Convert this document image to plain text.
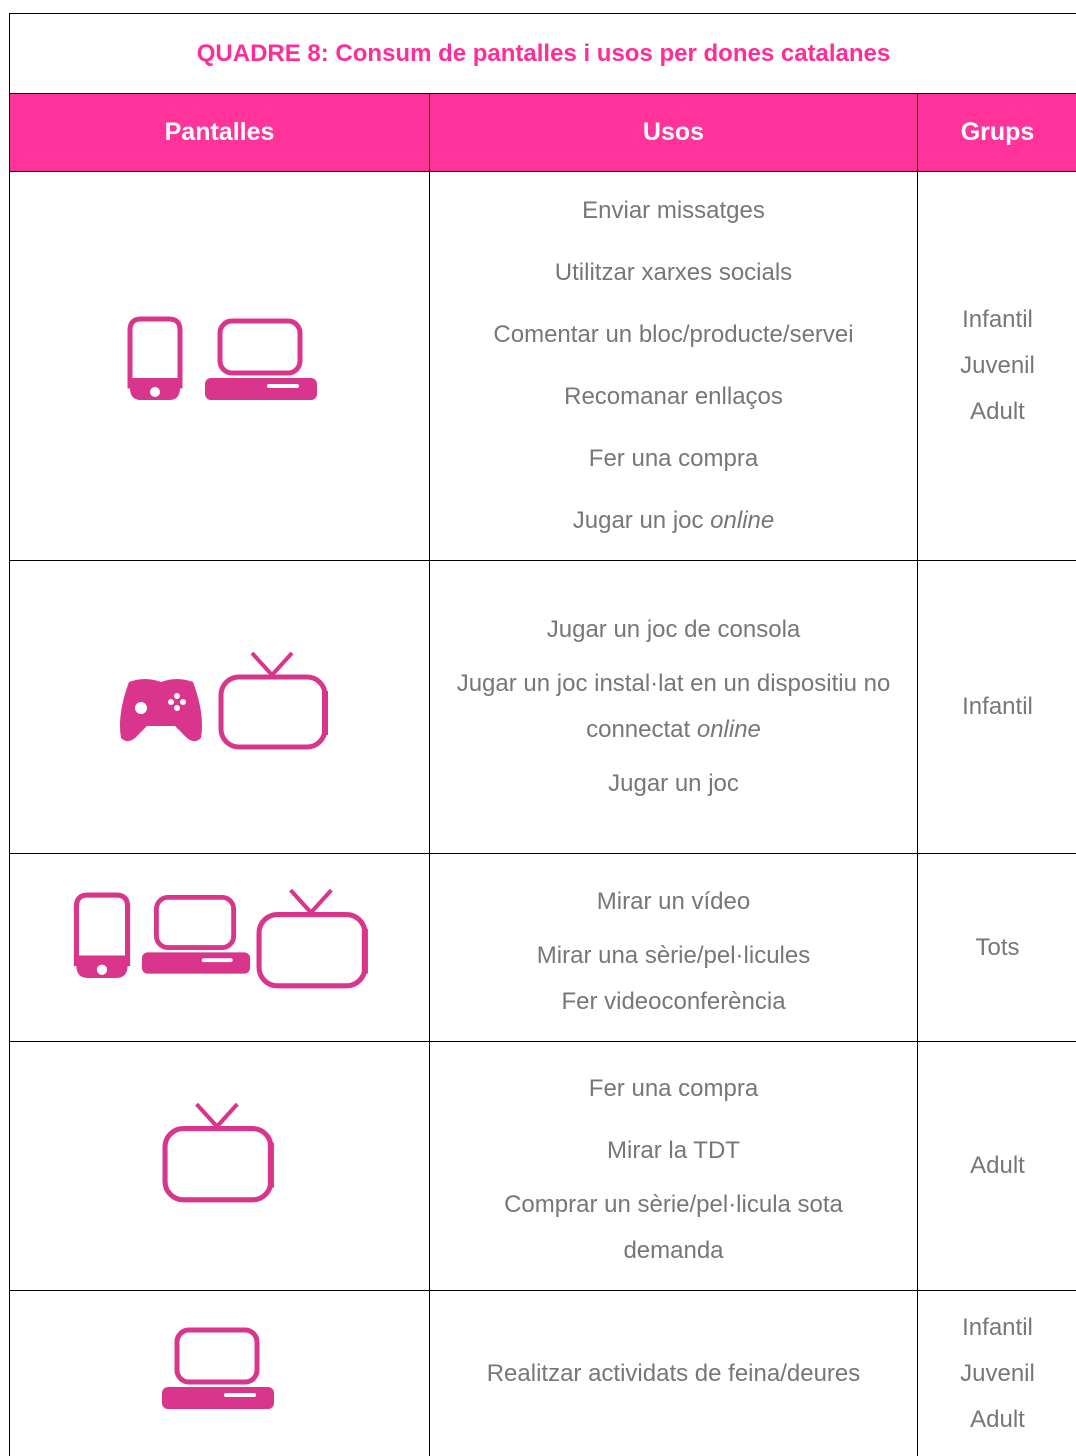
QUADRE 8: Consum de pantalles i usos per dones catalanes
Pantalles	Usos	Grups
Enviar missatges
Utilitzar xarxes socials
Comentar un bloc/producte/servei
Recomanar enllaços
Fer una compra
Jugar un joc online
Infantil
Juvenil
Adult
Jugar un joc de consola
Jugar un joc instal·lat en un dispositiu no connectat online
Jugar un joc
Infantil
Mirar un vídeo
Mirar una sèrie/pel·licules
Fer videoconferència
Tots
Fer una compra
Mirar la TDT
Comprar un sèrie/pel·licula sota demanda
Adult
Realitzar actividats de feina/deures
Infantil
Juvenil
Adult
